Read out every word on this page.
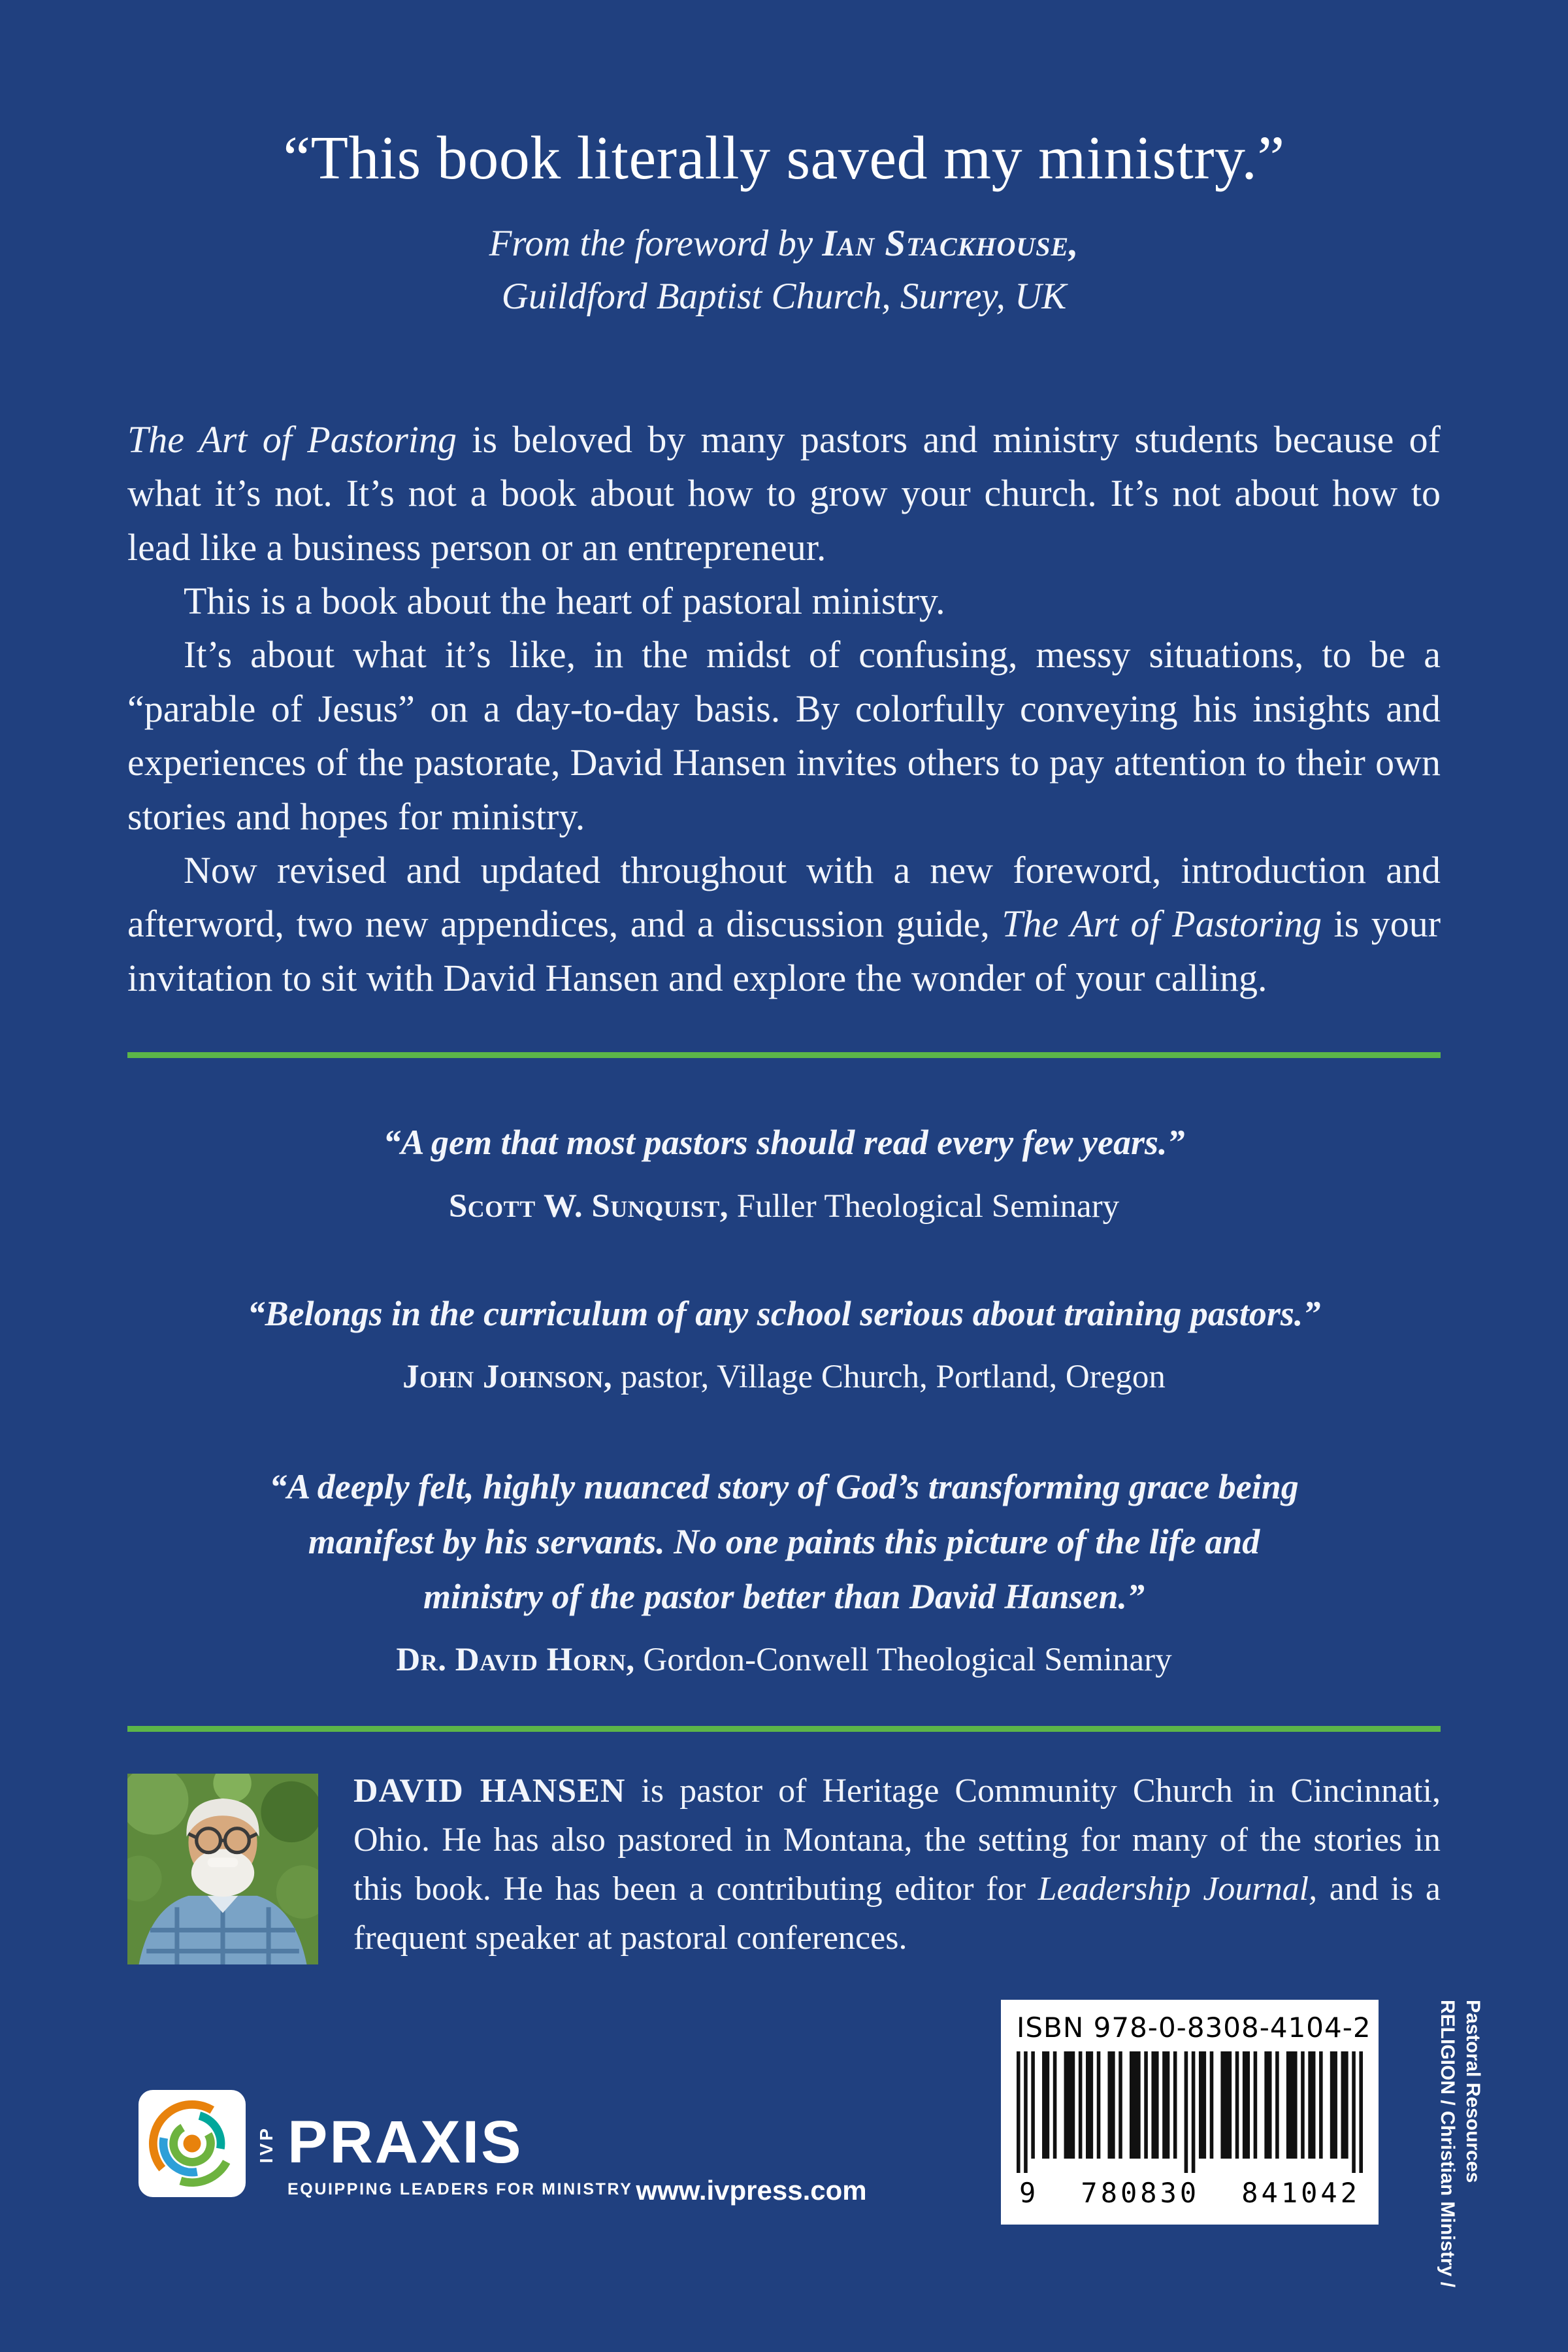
“This book literally saved my ministry.”
From the foreword by Ian Stackhouse,
Guildford Baptist Church, Surrey, UK

The Art of Pastoring is beloved by many pastors and ministry students because of what it’s not. It’s not a book about how to grow your church. It’s not about how to lead like a business person or an entrepreneur.

This is a book about the heart of pastoral ministry.

It’s about what it’s like, in the midst of confusing, messy situations, to be a “parable of Jesus” on a day-to-day basis. By colorfully conveying his insights and experiences of the pastorate, David Hansen invites others to pay attention to their own stories and hopes for ministry.

Now revised and updated throughout with a new foreword, introduction and afterword, two new appendices, and a discussion guide, The Art of Pastoring is your invitation to sit with David Hansen and explore the wonder of your calling.

“A gem that most pastors should read every few years.”

Scott W. Sunquist, Fuller Theological Seminary

“Belongs in the curriculum of any school serious about training pastors.”

John Johnson, pastor, Village Church, Portland, Oregon

“A deeply felt, highly nuanced story of God’s transforming grace being manifest by his servants. No one paints this picture of the life and ministry of the pastor better than David Hansen.”

Dr. David Horn, Gordon-Conwell Theological Seminary

DAVID HANSEN is pastor of Heritage Community Church in Cincinnati, Ohio. He has also pastored in Montana, the setting for many of the stories in this book. He has been a contributing editor for Leadership Journal, and is a frequent speaker at pastoral conferences.

IVP PRAXIS
EQUIPPING LEADERS FOR MINISTRY www.ivpress.com
ISBN 978-0-8308-4104-2
9 780830 841042	RELIGION / Christian Ministry / Pastoral Resources
